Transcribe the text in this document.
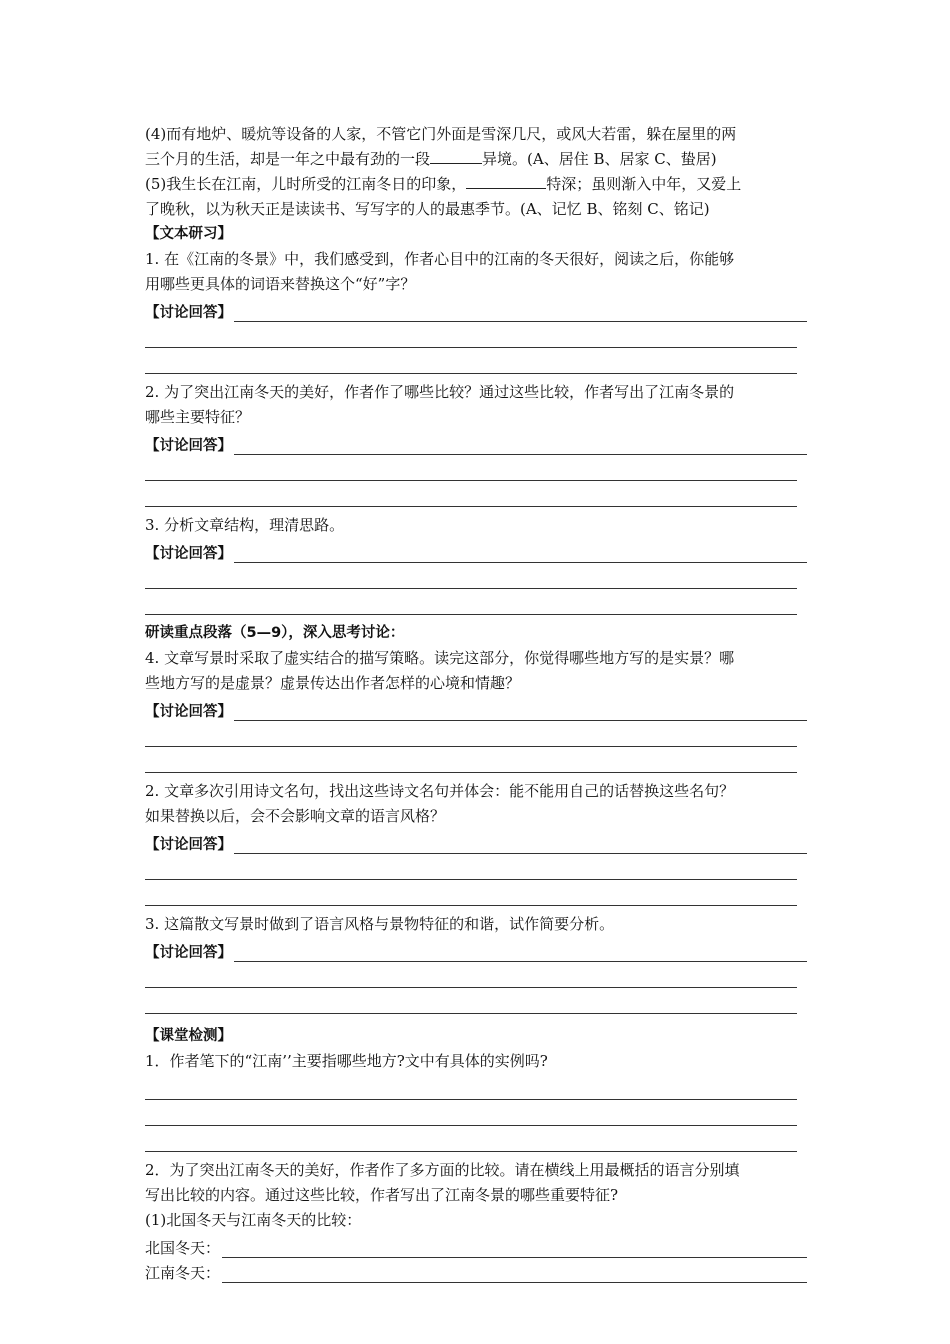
(4)而有地炉、暖炕等设备的人家，不管它门外面是雪深几尺，或风大若雷，躲在屋里的两
三个月的生活，却是一年之中最有劲的一段	异境。(A、居住 B、居家 C、蛰居)
(5)我生长在江南，儿时所受的江南冬日的印象，	特深；虽则渐入中年，又爱上
了晚秋，以为秋天正是读读书、写写字的人的最惠季节。(A、记忆 B、铭刻 C、铭记)
【文本研习】
1. 在《江南的冬景》中，我们感受到，作者心目中的江南的冬天很好，阅读之后，你能够
用哪些更具体的词语来替换这个“好”字？
【讨论回答】
2. 为了突出江南冬天的美好，作者作了哪些比较？通过这些比较，作者写出了江南冬景的
哪些主要特征？
【讨论回答】
3. 分析文章结构，理清思路。
【讨论回答】
研读重点段落（5—9），深入思考讨论：
4. 文章写景时采取了虚实结合的描写策略。读完这部分，你觉得哪些地方写的是实景？哪
些地方写的是虚景？虚景传达出作者怎样的心境和情趣？
【讨论回答】
2. 文章多次引用诗文名句，找出这些诗文名句并体会：能不能用自己的话替换这些名句？
如果替换以后，会不会影响文章的语言风格？
【讨论回答】
3. 这篇散文写景时做到了语言风格与景物特征的和谐，试作简要分析。
【讨论回答】
【课堂检测】
1．作者笔下的“江南’’主要指哪些地方?文中有具体的实例吗?
2．为了突出江南冬天的美好，作者作了多方面的比较。请在横线上用最概括的语言分别填
写出比较的内容。通过这些比较，作者写出了江南冬景的哪些重要特征?
(1)北国冬天与江南冬天的比较：
北国冬天：
江南冬天：
